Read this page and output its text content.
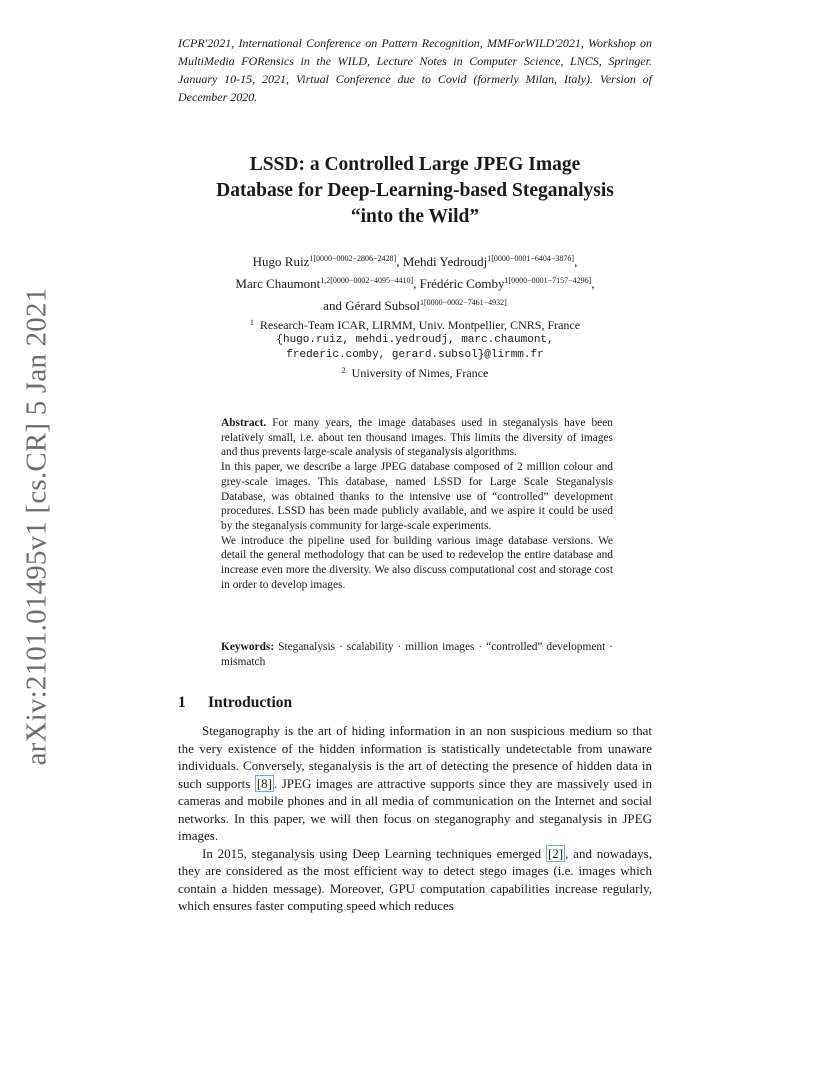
arXiv:2101.01495v1 [cs.CR] 5 Jan 2021
ICPR'2021, International Conference on Pattern Recognition, MMForWILD'2021, Workshop on MultiMedia FORensics in the WILD, Lecture Notes in Computer Science, LNCS, Springer. January 10-15, 2021, Virtual Conference due to Covid (formerly Milan, Italy). Version of December 2020.
LSSD: a Controlled Large JPEG Image
Database for Deep-Learning-based Steganalysis
“into the Wild”
Hugo Ruiz$^{1[0000-0002-2806-2428]}$, Mehdi Yedroudj$^{1[0000-0001-6404-3876]}$,
Marc Chaumont$^{1,2[0000-0002-4095-4410]}$, Frédéric Comby$^{1[0000-0001-7157-4296]}$,
and Gérard Subsol$^{1[0000-0002-7461-4932]}$
$^1$ Research-Team ICAR, LIRMM, Univ. Montpellier, CNRS, France
{hugo.ruiz, mehdi.yedroudj, marc.chaumont,
frederic.comby, gerard.subsol}@lirmm.fr
$^2$ University of Nimes, France

Abstract. For many years, the image databases used in steganalysis have been relatively small, i.e. about ten thousand images. This limits the diversity of images and thus prevents large-scale analysis of steganalysis algorithms.

In this paper, we describe a large JPEG database composed of 2 million colour and grey-scale images. This database, named LSSD for Large Scale Steganalysis Database, was obtained thanks to the intensive use of “controlled” development procedures. LSSD has been made publicly available, and we aspire it could be used by the steganalysis community for large-scale experiments.

We introduce the pipeline used for building various image database versions. We detail the general methodology that can be used to redevelop the entire database and increase even more the diversity. We also discuss computational cost and storage cost in order to develop images.

Keywords: Steganalysis · scalability · million images · “controlled” development · mismatch
1 Introduction

Steganography is the art of hiding information in an non suspicious medium so that the very existence of the hidden information is statistically undetectable from unaware individuals. Conversely, steganalysis is the art of detecting the presence of hidden data in such supports [8] . JPEG images are attractive supports since they are massively used in cameras and mobile phones and in all media of communication on the Internet and social networks. In this paper, we will then focus on steganography and steganalysis in JPEG images.

In 2015, steganalysis using Deep Learning techniques emerged [2] , and nowadays, they are considered as the most efficient way to detect stego images (i.e. images which contain a hidden message). Moreover, GPU computation capabilities increase regularly, which ensures faster computing speed which reduces
